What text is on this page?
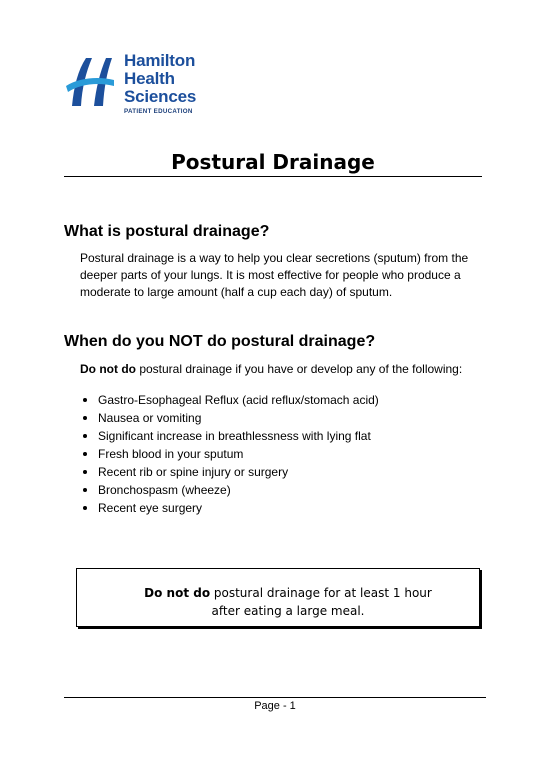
Hamilton
Health
Sciences
PATIENT EDUCATION
Postural Drainage
What is postural drainage?

Postural drainage is a way to help you clear secretions (sputum) from the deeper parts of your lungs. It is most effective for people who produce a moderate to large amount (half a cup each day) of sputum.

When do you NOT do postural drainage?

Do not do postural drainage if you have or develop any of the following:

Gastro-Esophageal Reflux (acid reflux/stomach acid)
Nausea or vomiting
Significant increase in breathlessness with lying flat
Fresh blood in your sputum
Recent rib or spine injury or surgery
Bronchospasm (wheeze)
Recent eye surgery

Do not do postural drainage for at least 1 hour after eating a large meal.

Page - 1
